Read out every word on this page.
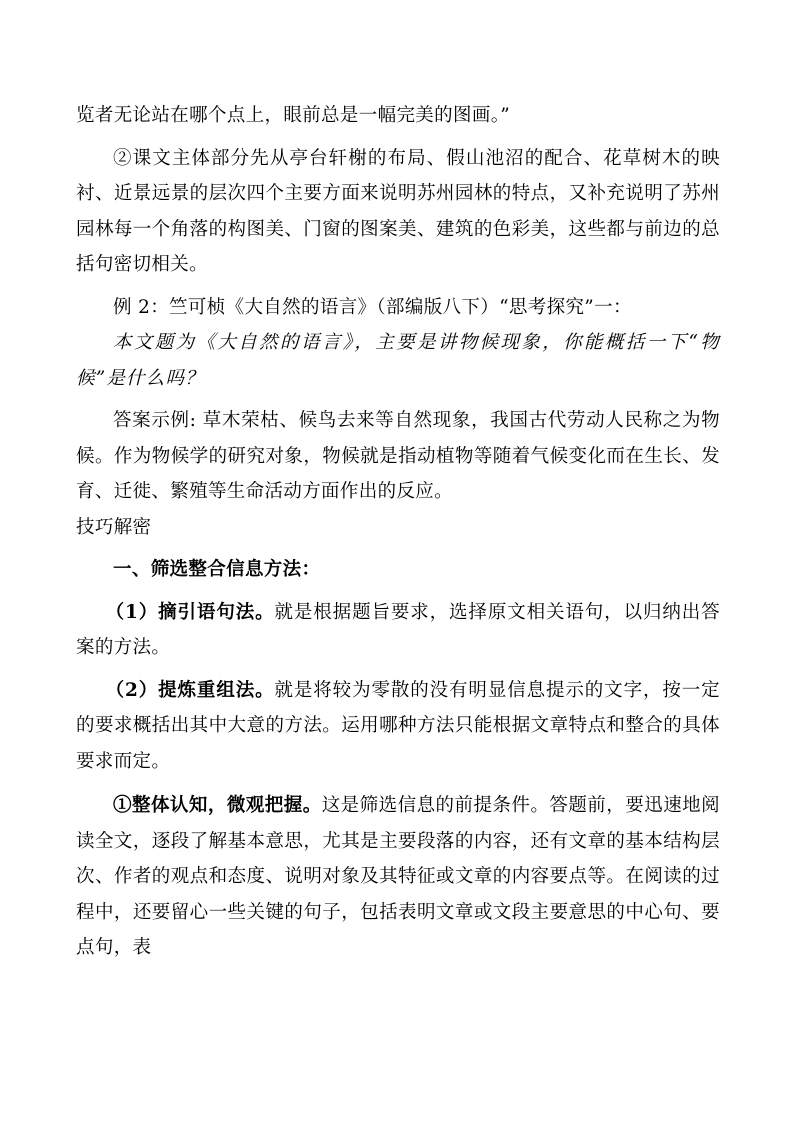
览者无论站在哪个点上，眼前总是一幅完美的图画。”

②课文主体部分先从亭台轩榭的布局、假山池沼的配合、花草树木的映衬、近景远景的层次四个主要方面来说明苏州园林的特点，又补充说明了苏州园林每一个角落的构图美、门窗的图案美、建筑的色彩美，这些都与前边的总括句密切相关。

例 2：竺可桢《大自然的语言》（部编版八下）“思考探究”一：

本文题为《大自然的语言》，主要是讲物候现象，你能概括一下“物候”是什么吗？

答案示例: 草木荣枯、候鸟去来等自然现象，我国古代劳动人民称之为物候。作为物候学的研究对象，物候就是指动植物等随着气候变化而在生长、发育、迁徙、繁殖等生命活动方面作出的反应。

技巧解密

一、筛选整合信息方法：

（1）摘引语句法。就是根据题旨要求，选择原文相关语句，以归纳出答案的方法。

（2）提炼重组法。就是将较为零散的没有明显信息提示的文字，按一定的要求概括出其中大意的方法。运用哪种方法只能根据文章特点和整合的具体要求而定。

①整体认知，微观把握。这是筛选信息的前提条件。答题前，要迅速地阅读全文，逐段了解基本意思，尤其是主要段落的内容，还有文章的基本结构层次、作者的观点和态度、说明对象及其特征或文章的内容要点等。在阅读的过程中，还要留心一些关键的句子，包括表明文章或文段主要意思的中心句、要点句，表
